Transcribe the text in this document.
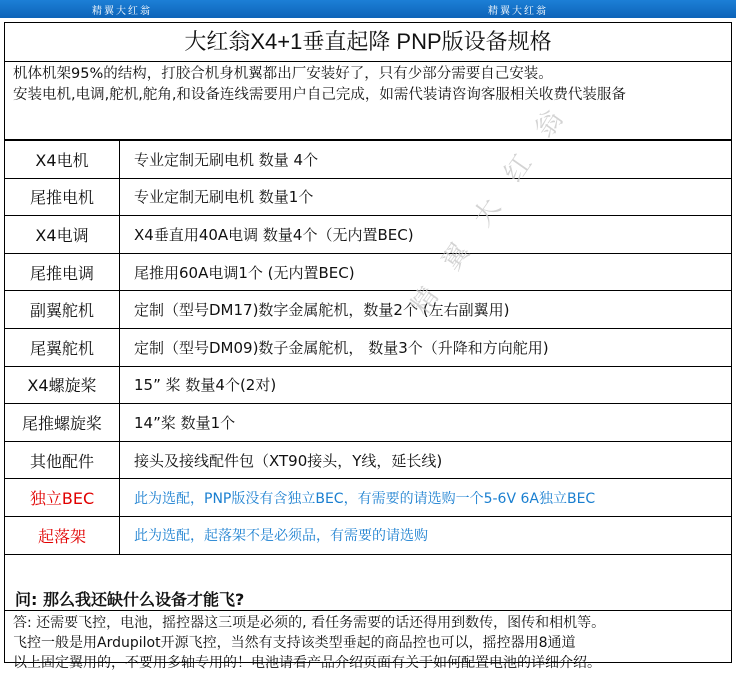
精翼大红翁	精翼大红翁
大红翁X4+1垂直起降 PNP版设备规格
机体机架95%的结构，打胶合机身机翼都出厂安装好了，只有少部分需要自己安装。
安装电机,电调,舵机,舵角,和设备连线需要用户自己完成，如需代装请咨询客服相关收费代装服备
X4电机	专业定制无刷电机 数量 4个
尾推电机	专业定制无刷电机 数量1个
X4电调	X4垂直用40A电调 数量4个（无内置BEC)
尾推电调	尾推用60A电调1个 (无内置BEC)
副翼舵机	定制（型号DM17)数字金属舵机，数量2个 (左右副翼用)
尾翼舵机	定制（型号DM09)数子金属舵机， 数量3个（升降和方向舵用)
X4螺旋桨	15” 桨 数量4个(2对)
尾推螺旋桨	14”桨 数量1个
其他配件	接头及接线配件包（XT90接头，Y线，延长线)
独立BEC	此为选配，PNP版没有含独立BEC，有需要的请选购一个5-6V 6A独立BEC
起落架	此为选配，起落架不是必须品，有需要的请选购
问: 那么我还缺什么设备才能飞?
答: 还需要飞控，电池，摇控器这三项是必须的, 看任务需要的话还得用到数传，图传和相机等。
飞控一般是用Ardupilot开源飞控，当然有支持该类型垂起的商品控也可以，摇控器用8通道
以上固定翼用的，不要用多轴专用的！电池请看产品介绍页面有关于如何配置电池的详细介绍。
精翼大红翁
